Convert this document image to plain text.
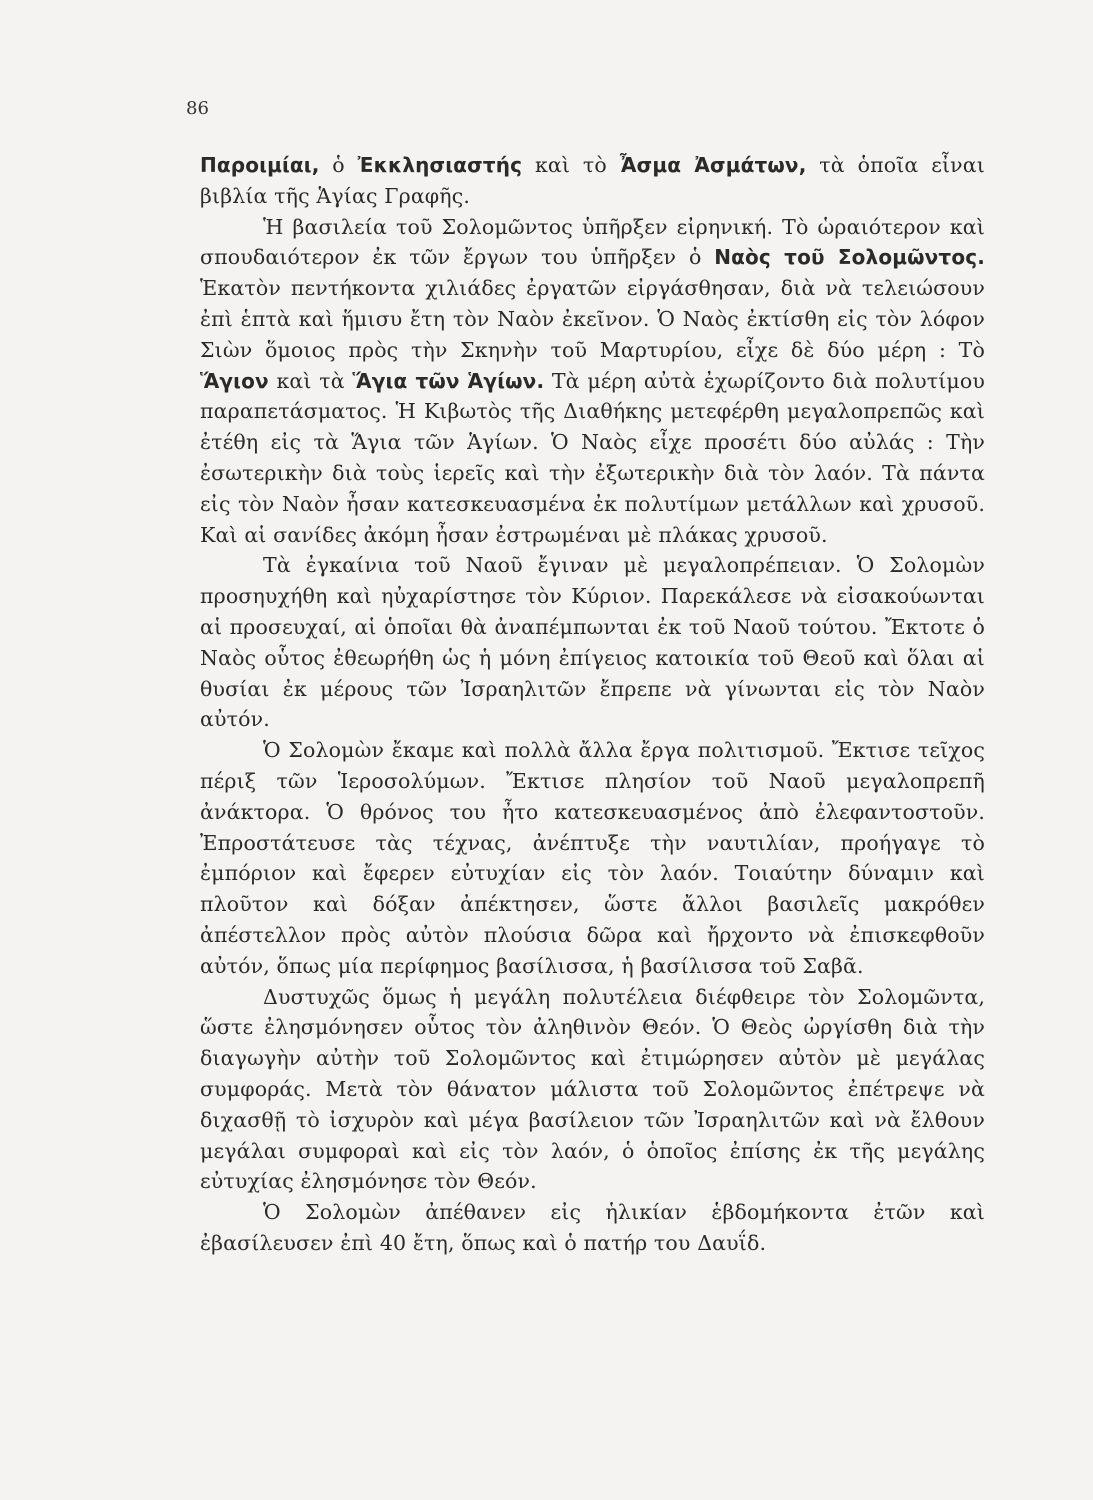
86

Παροιμίαι, ὁ Ἐκκλησιαστής καὶ τὸ Ἆσμα Ἀσμάτων, τὰ ὁποῖα εἶναι βιβλία τῆς Ἁγίας Γραφῆς.

Ἡ βασιλεία τοῦ Σολομῶντος ὑπῆρξεν εἰρηνική. Τὸ ὡραιότερον καὶ σπουδαιότερον ἐκ τῶν ἔργων του ὑπῆρξεν ὁ Ναὸς τοῦ Σολομῶντος. Ἑκατὸν πεντήκοντα χιλιάδες ἐργατῶν εἰργάσθησαν, διὰ νὰ τελειώσουν ἐπὶ ἑπτὰ καὶ ἥμισυ ἔτη τὸν Ναὸν ἐκεῖνον. Ὁ Ναὸς ἐκτίσθη εἰς τὸν λόφον Σιὼν ὅμοιος πρὸς τὴν Σκηνὴν τοῦ Μαρτυρίου, εἶχε δὲ δύο μέρη : Τὸ Ἅγιον καὶ τὰ Ἅγια τῶν Ἁγίων. Τὰ μέρη αὐτὰ ἐχωρίζοντο διὰ πολυτίμου παραπετάσματος. Ἡ Κιβωτὸς τῆς Διαθήκης μετεφέρθη μεγαλοπρεπῶς καὶ ἐτέθη εἰς τὰ Ἅγια τῶν Ἁγίων. Ὁ Ναὸς εἶχε προσέτι δύο αὐλάς : Τὴν ἐσωτερικὴν διὰ τοὺς ἱερεῖς καὶ τὴν ἐξωτερικὴν διὰ τὸν λαόν. Τὰ πάντα εἰς τὸν Ναὸν ἦσαν κατεσκευασμένα ἐκ πολυτίμων μετάλλων καὶ χρυσοῦ. Καὶ αἱ σανίδες ἀκόμη ἦσαν ἐστρωμέναι μὲ πλάκας χρυσοῦ.

Τὰ ἐγκαίνια τοῦ Ναοῦ ἔγιναν μὲ μεγαλοπρέπειαν. Ὁ Σολομὼν προσηυχήθη καὶ ηὐχαρίστησε τὸν Κύριον. Παρεκάλεσε νὰ εἰσακούωνται αἱ προσευχαί, αἱ ὁποῖαι θὰ ἀναπέμπωνται ἐκ τοῦ Ναοῦ τούτου. Ἔκτοτε ὁ Ναὸς οὗτος ἐθεωρήθη ὡς ἡ μόνη ἐπίγειος κατοικία τοῦ Θεοῦ καὶ ὅλαι αἱ θυσίαι ἐκ μέρους τῶν Ἰσραηλιτῶν ἔπρεπε νὰ γίνωνται εἰς τὸν Ναὸν αὐτόν.

Ὁ Σολομὼν ἔκαμε καὶ πολλὰ ἄλλα ἔργα πολιτισμοῦ. Ἔκτισε τεῖχος πέριξ τῶν Ἱεροσολύμων. Ἔκτισε πλησίον τοῦ Ναοῦ μεγαλοπρεπῆ ἀνάκτορα. Ὁ θρόνος του ἦτο κατεσκευασμένος ἀπὸ ἐλεφαντοστοῦν. Ἐπροστάτευσε τὰς τέχνας, ἀνέπτυξε τὴν ναυτιλίαν, προήγαγε τὸ ἐμπόριον καὶ ἔφερεν εὐτυχίαν εἰς τὸν λαόν. Τοιαύτην δύναμιν καὶ πλοῦτον καὶ δόξαν ἀπέκτησεν, ὥστε ἄλλοι βασιλεῖς μακρόθεν ἀπέστελλον πρὸς αὐτὸν πλούσια δῶρα καὶ ἤρχοντο νὰ ἐπισκεφθοῦν αὐτόν, ὅπως μία περίφημος βασίλισσα, ἡ βασίλισσα τοῦ Σαβᾶ.

Δυστυχῶς ὅμως ἡ μεγάλη πολυτέλεια διέφθειρε τὸν Σολομῶντα, ὥστε ἐλησμόνησεν οὗτος τὸν ἀληθινὸν Θεόν. Ὁ Θεὸς ὠργίσθη διὰ τὴν διαγωγὴν αὐτὴν τοῦ Σολομῶντος καὶ ἐτιμώρησεν αὐτὸν μὲ μεγάλας συμφοράς. Μετὰ τὸν θάνατον μάλιστα τοῦ Σολομῶντος ἐπέτρεψε νὰ διχασθῇ τὸ ἰσχυρὸν καὶ μέγα βασίλειον τῶν Ἰσραηλιτῶν καὶ νὰ ἔλθουν μεγάλαι συμφοραὶ καὶ εἰς τὸν λαόν, ὁ ὁποῖος ἐπίσης ἐκ τῆς μεγάλης εὐτυχίας ἐλησμόνησε τὸν Θεόν.

Ὁ Σολομὼν ἀπέθανεν εἰς ἡλικίαν ἑβδομήκοντα ἐτῶν καὶ ἐβασίλευσεν ἐπὶ 40 ἔτη, ὅπως καὶ ὁ πατήρ του Δαυΐδ.
